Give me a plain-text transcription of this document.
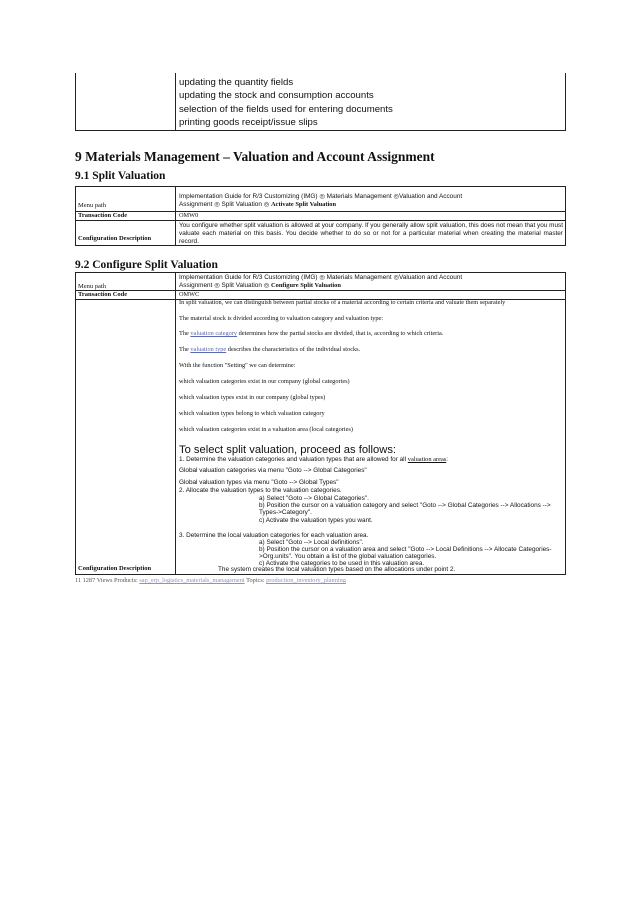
updating the quantity fields
updating the stock and consumption accounts
selection of the fields used for entering documents
printing goods receipt/issue slips
9 Materials Management – Valuation and Account Assignment
9.1 Split Valuation
Menu path
Implementation Guide for R/3 Customizing (IMG) ◎ Materials Management ◎Valuation and Account
Assignment ◎ Split Valuation ◎ Activate Split Valuation
Transaction Code	OMW0
Configuration Description
You configure whether split valuation is allowed at your company. If you generally allow split valuation, this does not mean that you must valuate each material on this basis. You decide whether to do so or not for a particular material when creating the material master record.
9.2 Configure Split Valuation
Menu path
Implementation Guide for R/3 Customizing (IMG) ◎ Materials Management ◎Valuation and Account
Assignment ◎ Split Valuation ◎ Configure Split Valuation
Transaction Code	OMWC
Configuration Description
In split valuation, we can distinguish between partial stocks of a material according to certain criteria and valuate them separately
The material stock is divided according to valuation category and valuation type:
The valuation category determines how the partial stocks are divided, that is, according to which criteria.
The valuation type describes the characteristics of the individual stocks.
With the function "Setting" we can determine:
which valuation categories exist in our company (global categories)
which valuation types exist in our company (global types)
which valuation types belong to which valuation category
which valuation categories exist in a valuation area (local categories)
To select split valuation, proceed as follows:
1. Determine the valuation categories and valuation types that are allowed for all valuation areas:
Global valuation categories via menu "Goto --> Global Categories"
Global valuation types via menu "Goto --> Global Types"
2. Allocate the valuation types to the valuation categories.
a) Select "Goto --> Global Categories".
b) Position the cursor on a valuation category and select "Goto --> Global Categories --> Allocations -->
Types->Category".
c) Activate the valuation types you want.
3. Determine the local valuation categories for each valuation area.
a) Select "Goto --> Local definitions".
b) Position the cursor on a valuation area and select "Goto --> Local Definitions --> Allocate Categories-
>Org.units". You obtain a list of the global valuation categories.
c) Activate the categories to be used in this valuation area.
The system creates the local valuation types based on the allocations under point 2.
11 1287 Views Products: sap_erp_logistics_materials_management Topics: production_inventory_planning
